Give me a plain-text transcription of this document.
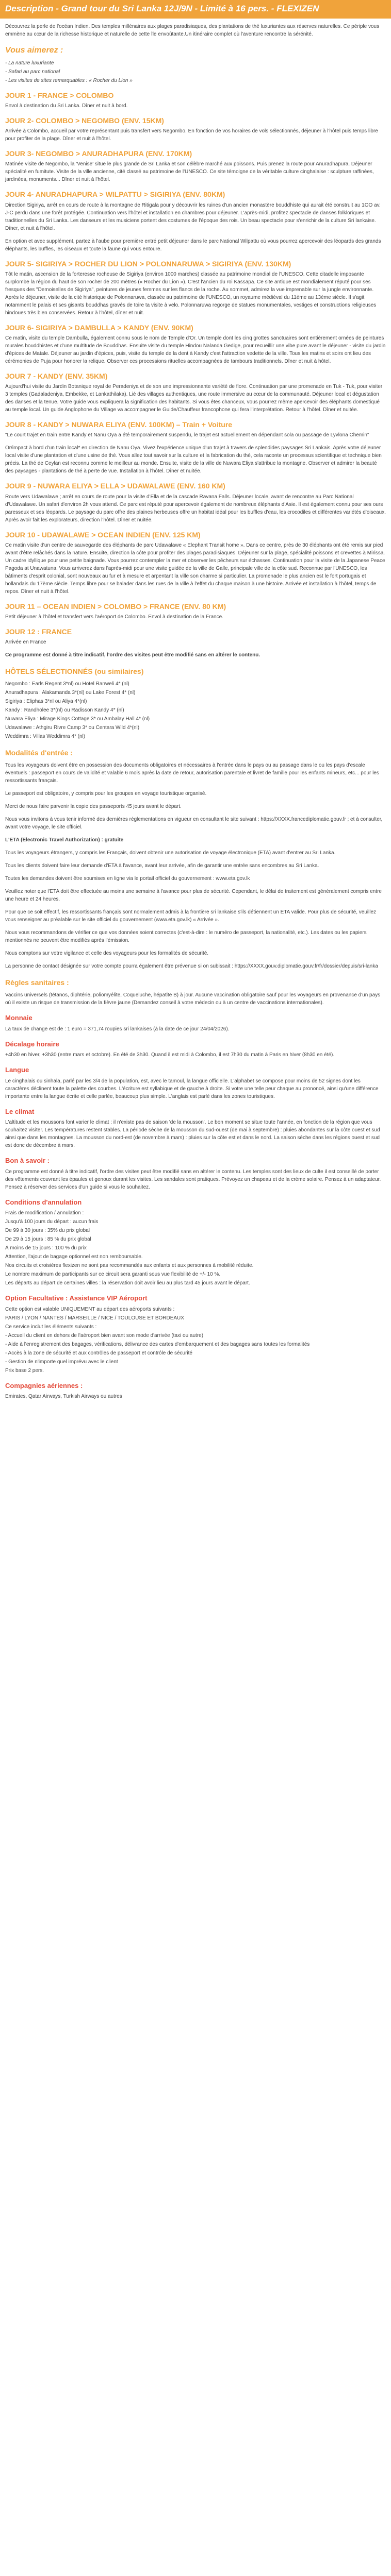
Description - Grand tour du Sri Lanka 12J/9N - Limité à 16 pers. - FLEXIZEN

Découvrez la perle de l'océan Indien. Des temples millénaires aux plages paradisiaques, des plantations de thé luxuriantes aux réserves naturelles. Ce périple vous emmène au cœur de la richesse historique et naturelle de cette île envoûtante.Un itinéraire complet où l'aventure rencontre la sérénité.

Vous aimerez :

- La nature luxuriante

- Safari au parc national

- Les visites de sites remarquables : « Rocher du Lion »

JOUR 1 - FRANCE > COLOMBO

Envol à destination du Sri Lanka. Dîner et nuit à bord.

JOUR 2- COLOMBO > NEGOMBO (ENV. 15KM)

Arrivée à Colombo, accueil par votre représentant puis transfert vers Negombo. En fonction de vos horaires de vols sélectionnés, déjeuner à l'hôtel puis temps libre pour profiter de la plage. Dîner et nuit à l'hôtel.

JOUR 3- NEGOMBO > ANURADHAPURA (ENV. 170KM)

Matinée visite de Negombo, la 'Venise' situe le plus grande de Sri Lanka et son célèbre marché aux poissons. Puis prenez la route pour Anuradhapura. Déjeuner spécialité en fumitute. Visite de la ville ancienne, cité classé au patrimoine de l'UNESCO. Ce site témoigne de la véritable culture cinghalaise : sculpture raffinées, jardinées, monuments... Dîner et nuit à l'hôtel.

JOUR 4- ANURADHAPURA > WILPATTU > SIGIRIYA (ENV. 80KM)

Direction Sigiriya, arrêt en cours de route à la montagne de Ritigala pour y découvrir les ruines d'un ancien monastère bouddhiste qui aurait été construit au 1OO av. J-C perdu dans une forêt protégée. Continuation vers l'hôtel et installation en chambres pour déjeuner. L'après-midi, profitez spectacle de danses folkloriques et traditionnelles du Sri Lanka. Les danseurs et les musiciens portent des costumes de l'époque des rois. Un beau spectacle pour s'enrichir de la culture Sri lankaise. Dîner, et nuit à l'hôtel.

En option et avec supplément, partez à l'aube pour première entré petit déjeuner dans le parc National Wilpattu où vous pourrez apercevoir des léopards des grands éléphants, les buffles, les oiseaux et toute la faune qui vous entoure.

JOUR 5- SIGIRIYA > ROCHER DU LION > POLONNARUWA > SIGIRIYA (ENV. 130KM)

Tôt le matin, ascension de la forteresse rocheuse de Sigiriya (environ 1000 marches) classée au patrimoine mondial de l'UNESCO. Cette citadelle imposante surplombe la région du haut de son rocher de 200 mètres (« Rocher du Lion »). C'est l'ancien du roi Kassapa. Ce site antique est mondialement réputé pour ses fresques des "Demoiselles de Sigiriya", peintures de jeunes femmes sur les flancs de la roche. Au sommet, admirez la vue imprenable sur la jungle environnante. Après le déjeuner, visite de la cité historique de Polonnaruwa, classée au patrimoine de l'UNESCO, un royaume médiéval du 11ème au 13ème siècle. Il s'agit notamment le palais et ses gisants bouddhas gravés de toire ta visite à velo. Polonnaruwa regorge de statues monumentales, vestiges et constructions religieuses hindoues très bien conservées. Retour à l'hôtel, dîner et nuit.

JOUR 6- SIGIRIYA > DAMBULLA > KANDY (ENV. 90KM)

Ce matin, visite du temple Dambulla, également connu sous le nom de Temple d'Or. Un temple dont les cinq grottes sanctuaires sont entièrement ornées de peintures murales bouddhistes et d'une multitude de Bouddhas. Ensuite visite du temple Hindou Nalanda Gedige, pour recueillir une vibe pure avant le déjeuner - visite du jardin d'épices de Matale. Déjeuner au jardin d'épices, puis, visite du temple de la dent à Kandy c'est l'attraction vedette de la ville. Tous les matins et soirs ont lieu des cérémonies de Puja pour honorer la relique. Observer ces processions rituelles accompagnées de tambours traditionnels. Dîner et nuit à hôtel.

JOUR 7 - KANDY (ENV. 35KM)

Aujourd'hui visite du Jardin Botanique royal de Peradeniya et de son une impressionnante variété de flore. Continuation par une promenade en Tuk - Tuk, pour visiter 3 temples (Gadaladeniya, Embekke, et Lankathilaka). Lié des villages authentiques, une route immersive au cœur de la communauté. Déjeuner local et dégustation des danses et la tenue. Votre guide vous expliquera la signification des habitants. Si vous êtes chanceux, vous pourrez même apercevoir des éléphants domestiqué au temple local. Un guide Anglophone du Village va accompagner le Guide/Chauffeur francophone qui fera l'interprétation. Retour à l'hôtel. Dîner et nuitée.

JOUR 8 - KANDY > NUWARA ELIYA (ENV. 100KM) – Train + Voiture

"Le court trajet en train entre Kandy et Nanu Oya a été temporairement suspendu, le trajet est actuellement en dépendant sola ou passage de Lyvlona Chemin"

Or/impact à bord d'un train local* en direction de Nanu Oya. Vivez l'expérience unique d'un trajet à travers de splendides paysages Sri Lankais. Après votre déjeuner local visite d'une plantation et d'une usine de thé. Vous allez tout savoir sur la culture et la fabrication du thé, cela raconte un processus scientifique et technique bien précis. La thé de Ceylan est reconnu comme le meilleur au monde. Ensuite, visite de la ville de Nuwara Eliya s'attribue la montagne. Observer et admirer la beauté des paysages - plantations de thé à perte de vue. Installation à l'hôtel. Dîner et nuitée.

JOUR 9 - NUWARA ELIYA > ELLA > UDAWALAWE (ENV. 160 KM)

Route vers Udawalawe ; arrêt en cours de route pour la visite d'Ella et de la cascade Ravana Falls. Déjeuner locale, avant de rencontre au Parc National d'Udawalawe. Un safari d'environ 2h vous attend. Ce parc est réputé pour apercevoir également de nombreux éléphants d'Asie. Il est également connu pour ses ours paresseux et ses léopards. Le paysage du parc offre des plaines herbeuses offre un habitat idéal pour les buffles d'eau, les crocodiles et différentes variétés d'oiseaux. Après avoir fait les explorateurs, direction l'hôtel. Dîner et nuitée.

JOUR 10 - UDAWALAWE > OCEAN INDIEN (ENV. 125 KM)

Ce matin visite d'un centre de sauvegarde des éléphants de parc Udawalawe « Elephant Transit home ». Dans ce centre, près de 30 éléphants ont été remis sur pied avant d'être relâchés dans la nature. Ensuite, direction la côte pour profiter des plages paradisiaques. Déjeuner sur la plage, spécialité poissons et crevettes à Mirissa. Un cadre idyllique pour une petite baignade. Vous pourrez contempler la mer et observer les pêcheurs sur échasses. Continuation pour la visite de la Japanese Peace Pagoda at Unawatuna. Vous arriverez dans l'après-midi pour une visite guidée de la ville de Galle, principale ville de la côte sud. Reconnue par l'UNESCO, les bâtiments d'esprit colonial, sont nouveaux au fur et à mesure et arpentant la ville son charme si particulier. La promenade le plus ancien est le fort portugais et hollandais du 17ème siècle. Temps libre pour se balader dans les rues de la ville à l'effet du chaque maison à une histoire. Arrivée et installation à l'hôtel, temps de repos. Dîner et nuit à l'hôtel.

JOUR 11 – OCEAN INDIEN > COLOMBO > FRANCE (ENV. 80 KM)

Petit déjeuner à l'hôtel et transfert vers l'aéroport de Colombo. Envol à destination de la France.

JOUR 12 : FRANCE

Arrivée en France

Ce programme est donné à titre indicatif, l'ordre des visites peut être modifié sans en altérer le contenu.

HÔTELS SÉLECTIONNÉS (ou similaires)
Negombo : Earls Regent 3*nl) ou Hotel Ranweli 4* (nl)
Anuradhapura : Alakamanda 3*(nl) ou Lake Forest 4* (nl)
Sigiriya : Eliphas 3*nl ou Aliya 4*(nl)
Kandy : Randholee 3*(nl) ou Radisson Kandy 4* (nl)
Nuwara Eliya : Mirage Kings Cottage 3* ou Ambalay Hall 4* (nl)
Udawalawe : Athgiru Rivre Camp 3* ou Centara Wild 4*(nl)
Weddimra : Villas Weddimra 4* (nl)
Modalités d'entrée :

Tous les voyageurs doivent être en possession des documents obligatoires et nécessaires à l'entrée dans le pays ou au passage dans le ou les pays d'escale éventuels : passeport en cours de validité et valable 6 mois après la date de retour, autorisation parentale et livret de famille pour les enfants mineurs, etc... pour les ressortissants français.

Le passeport est obligatoire, y compris pour les groupes en voyage touristique organisé.

Merci de nous faire parvenir la copie des passeports 45 jours avant le départ.

Nous vous invitons à vous tenir informé des dernières réglementations en vigueur en consultant le site suivant : https://XXXX.francediplomatie.gouv.fr ; et à consulter, avant votre voyage, le site officiel.

L'ETA (Electronic Travel Authorization) : gratuite

Tous les voyageurs étrangers, y compris les Français, doivent obtenir une autorisation de voyage électronique (ETA) avant d'entrer au Sri Lanka.

Tous les clients doivent faire leur demande d'ETA à l'avance, avant leur arrivée, afin de garantir une entrée sans encombres au Sri Lanka.

Toutes les demandes doivent être soumises en ligne via le portail officiel du gouvernement : www.eta.gov.lk

Veuillez noter que l'ETA doit être effectuée au moins une semaine à l'avance pour plus de sécurité. Cependant, le délai de traitement est généralement compris entre une heure et 24 heures.

Pour que ce soit effectif, les ressortissants français sont normalement admis à la frontière sri lankaise s'ils détiennent un ETA valide. Pour plus de sécurité, veuillez vous renseigner au préalable sur le site officiel du gouvernement (www.eta.gov.lk) « Arrivée ».

Nous vous recommandons de vérifier ce que vos données soient correctes (c'est-à-dire : le numéro de passeport, la nationalité, etc.). Les dates ou les papiers mentionnés ne peuvent être modifiés après l'émission.

Nous comptons sur votre vigilance et celle des voyageurs pour les formalités de sécurité.

La personne de contact désignée sur votre compte pourra également être prévenue si on subissait : https://XXXX.gouv.diplomatie.gouv.fr/fr/dossier/depuis/sri-lanka

Règles sanitaires :

Vaccins universels (tétanos, diphtérie, poliomyélite, Coqueluche, hépatite B) à jour. Aucune vaccination obligatoire sauf pour les voyageurs en provenance d'un pays où il existe un risque de transmission de la fièvre jaune (Demandez conseil à votre médecin ou à un centre de vaccinations internationales).

Monnaie

La taux de change est de : 1 euro = 371,74 roupies sri lankaises (à la date de ce jour 24/04/2026).

Décalage horaire

+4h30 en hiver, +3h30 (entre mars et octobre). En été de 3h30. Quand il est midi à Colombo, il est 7h30 du matin à Paris en hiver (8h30 en été).

Langue

Le cinghalais ou sinhala, parlé par les 3/4 de la population, est, avec le tamoul, la langue officielle. L'alphabet se compose pour moins de 52 signes dont les caractères déclinent toute la palette des courbes. L'écriture est syllabique et de gauche à droite. Si votre une telle peur chaque au prononcé, ainsi qu'une différence importante entre la langue écrite et celle parlée, beaucoup plus simple. L'anglais est parlé dans les zones touristiques.

Le climat

L'altitude et les moussons font varier le climat : il n'existe pas de saison 'de la mousson'. Le bon moment se situe toute l'année, en fonction de la région que vous souhaitez visiter. Les températures restent stables. La période sèche de la mousson du sud-ouest (de mai à septembre) : pluies abondantes sur la côte ouest et sud ainsi que dans les montagnes. La mousson du nord-est (de novembre à mars) : pluies sur la côte est et dans le nord. La saison sèche dans les régions ouest et sud est donc de décembre à mars.

Bon à savoir :

Ce programme est donné à titre indicatif, l'ordre des visites peut être modifié sans en altérer le contenu. Les temples sont des lieux de culte il est conseillé de porter des vêtements couvrant les épaules et genoux durant les visites. Les sandales sont pratiques. Prévoyez un chapeau et de la crème solaire. Pensez à un adaptateur. Pensez à réserver des services d'un guide si vous le souhaitez.

Conditions d'annulation
Frais de modification / annulation :
Jusqu'à 100 jours du départ : aucun frais
De 99 à 30 jours : 35% du prix global
De 29 à 15 jours : 85 % du prix global
À moins de 15 jours : 100 % du prix
Attention, l'ajout de bagage optionnel est non remboursable.
Nos circuits et croisières flexizen ne sont pas recommandés aux enfants et aux personnes à mobilité réduite.
Le nombre maximum de participants sur ce circuit sera garanti sous vue flexibilité de +/- 10 %.
Les départs au départ de certaines villes : la réservation doit avoir lieu au plus tard 45 jours avant le départ.
Option Facultative : Assistance VIP Aéroport
Cette option est valable UNIQUEMENT au départ des aéroports suivants :
PARIS / LYON / NANTES / MARSEILLE / NICE / TOULOUSE ET BORDEAUX
Ce service inclut les éléments suivants :
- Accueil du client en dehors de l'aéroport bien avant son mode d'arrivée (taxi ou autre)
- Aide à l'enregistrement des bagages, vérifications, délivrance des cartes d'embarquement et des bagages sans toutes les formalités
- Accès à la zone de sécurité et aux contrôles de passeport et contrôle de sécurité
- Gestion de n'importe quel imprévu avec le client
Prix base 2 pers.
Compagnies aériennes :

Emirates, Qatar Airways, Turkish Airways ou autres
